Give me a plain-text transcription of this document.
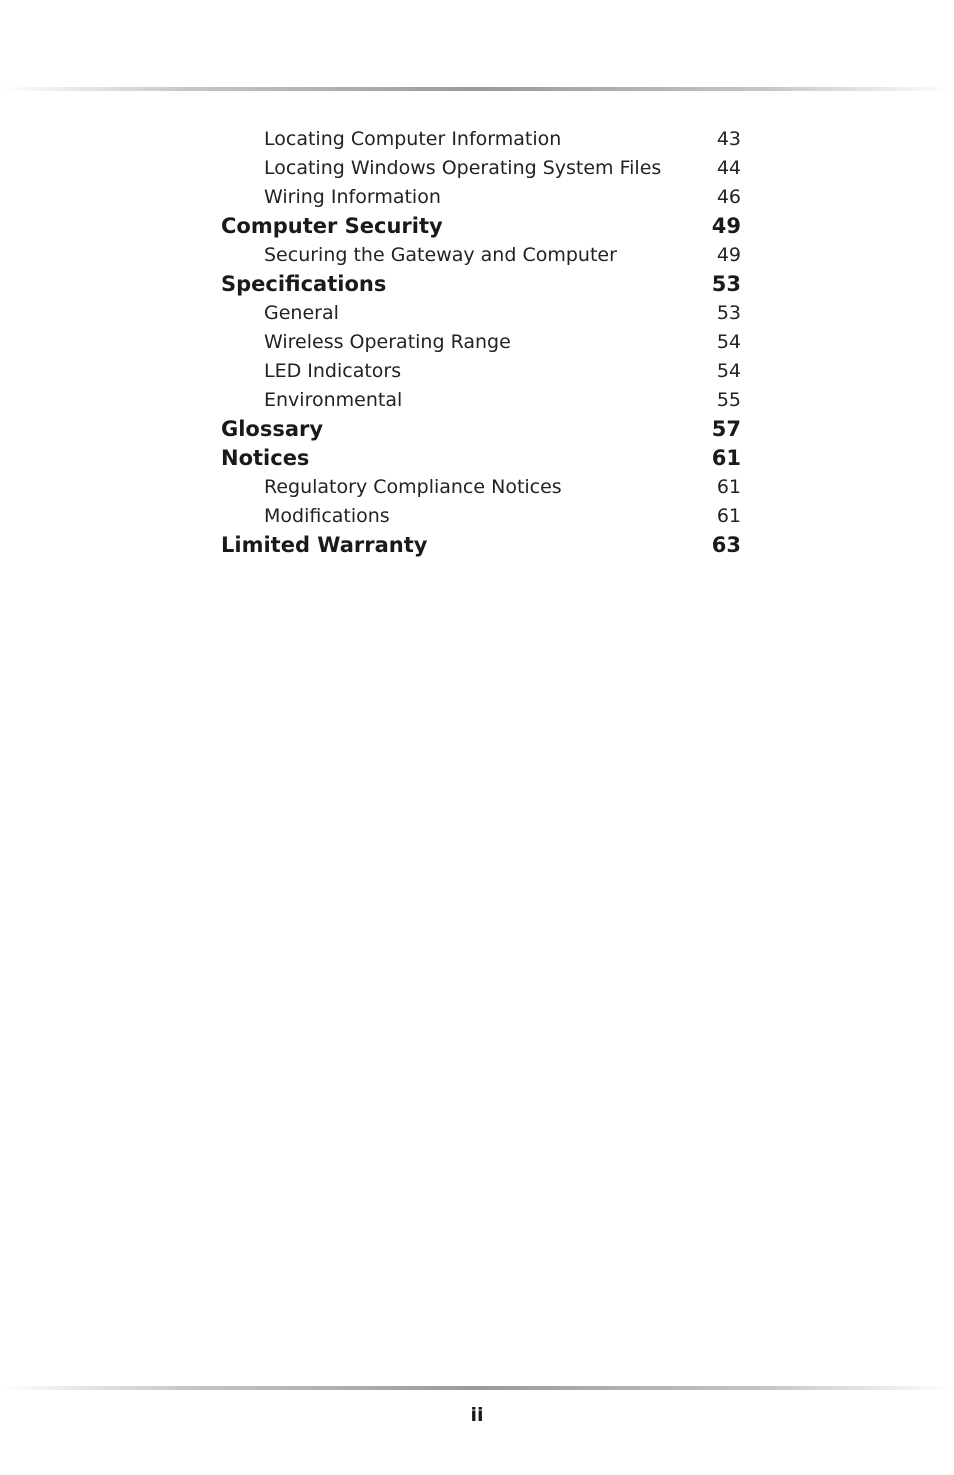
Locating Computer Information	43
Locating Windows Operating System Files	44
Wiring Information	46
Computer Security	49
Securing the Gateway and Computer	49
Specifications	53
General	53
Wireless Operating Range	54
LED Indicators	54
Environmental	55
Glossary	57
Notices	61
Regulatory Compliance Notices	61
Modifications	61
Limited Warranty	63
ii
